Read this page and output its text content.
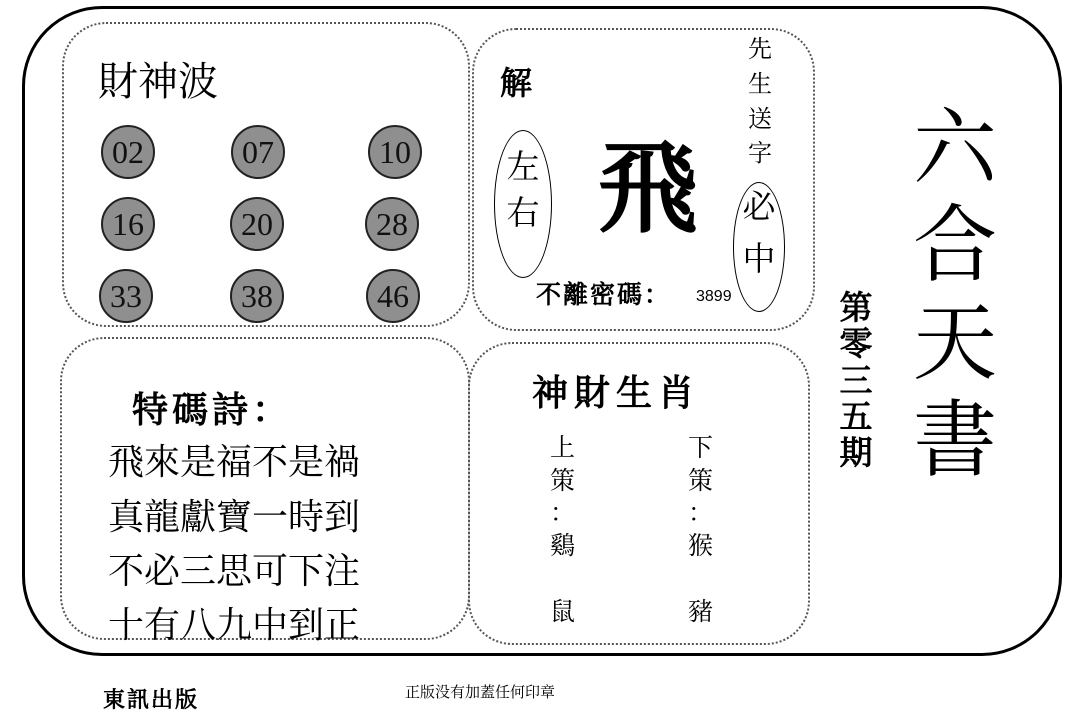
財神波
02	07	10
16	20	28
33	38	46
解
左
右 飛
先
生
送
字
必
中
不離密碼： 3899
特碼詩：
飛來是福不是禍
真龍獻寶一時到
不必三思可下注
十有八九中到正
神財生肖
上
策
：
鷄
鼠
下
策
：
猴
豬
六
合
天
書
第
零
三
五
期
東訊出版	正版没有加蓋任何印章
